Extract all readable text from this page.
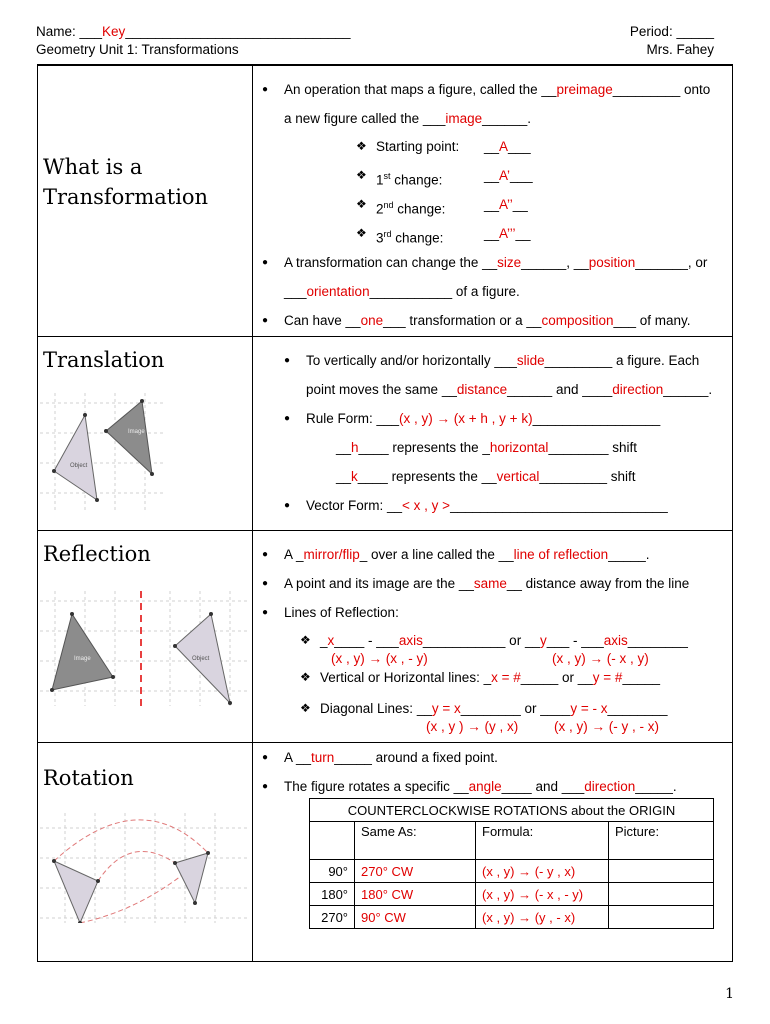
Name: ___Key______________________________	Period: _____
Geometry Unit 1: Transformations	Mrs. Fahey
What is a
Transformation
● An operation that maps a figure, called the __preimage_________ onto
a new figure called the ___image______.
❖ Starting point: __A___
❖ 1st change:	__A’___
❖ 2nd change:	__A’’__
❖ 3rd change:	__A’’’__
● A transformation can change the __size______, __position_______, or
___orientation___________ of a figure.
● Can have __one___ transformation or a __composition___ of many.
Translation
Object
Image
● To vertically and/or horizontally ___slide_________ a figure. Each
point moves the same __distance______ and ____direction______.
● Rule Form: ___(x , y) → (x + h , y + k)_________________
__h____ represents the _horizontal________ shift
__k____ represents the __vertical_________ shift
● Vector Form: __< x , y >_____________________________
Reflection
Image	Object
● A _mirror/flip_ over a line called the __line of reflection_____.
● A point and its image are the __same__ distance away from the line
● Lines of Reflection:
❖ _x____ - ___axis___________ or __y___ - ___axis________
(x , y) → (x , - y)	(x , y) → (- x , y)
❖ Vertical or Horizontal lines: _x = #_____ or __y = #_____
❖ Diagonal Lines: __y = x________ or ____y = - x________
(x , y ) → (y , x)	(x , y) → (- y , - x)
Rotation
● A __turn_____ around a fixed point.
● The figure rotates a specific __angle____ and ___direction_____.
COUNTERCLOCKWISE ROTATIONS about the ORIGIN			
	Same As:	Formula:	Picture:
90°	270° CW	(x , y) → (- y , x)	
180°	180° CW	(x , y) → (- x , - y)	
270°	90° CW	(x , y) → (y , - x)	
1
